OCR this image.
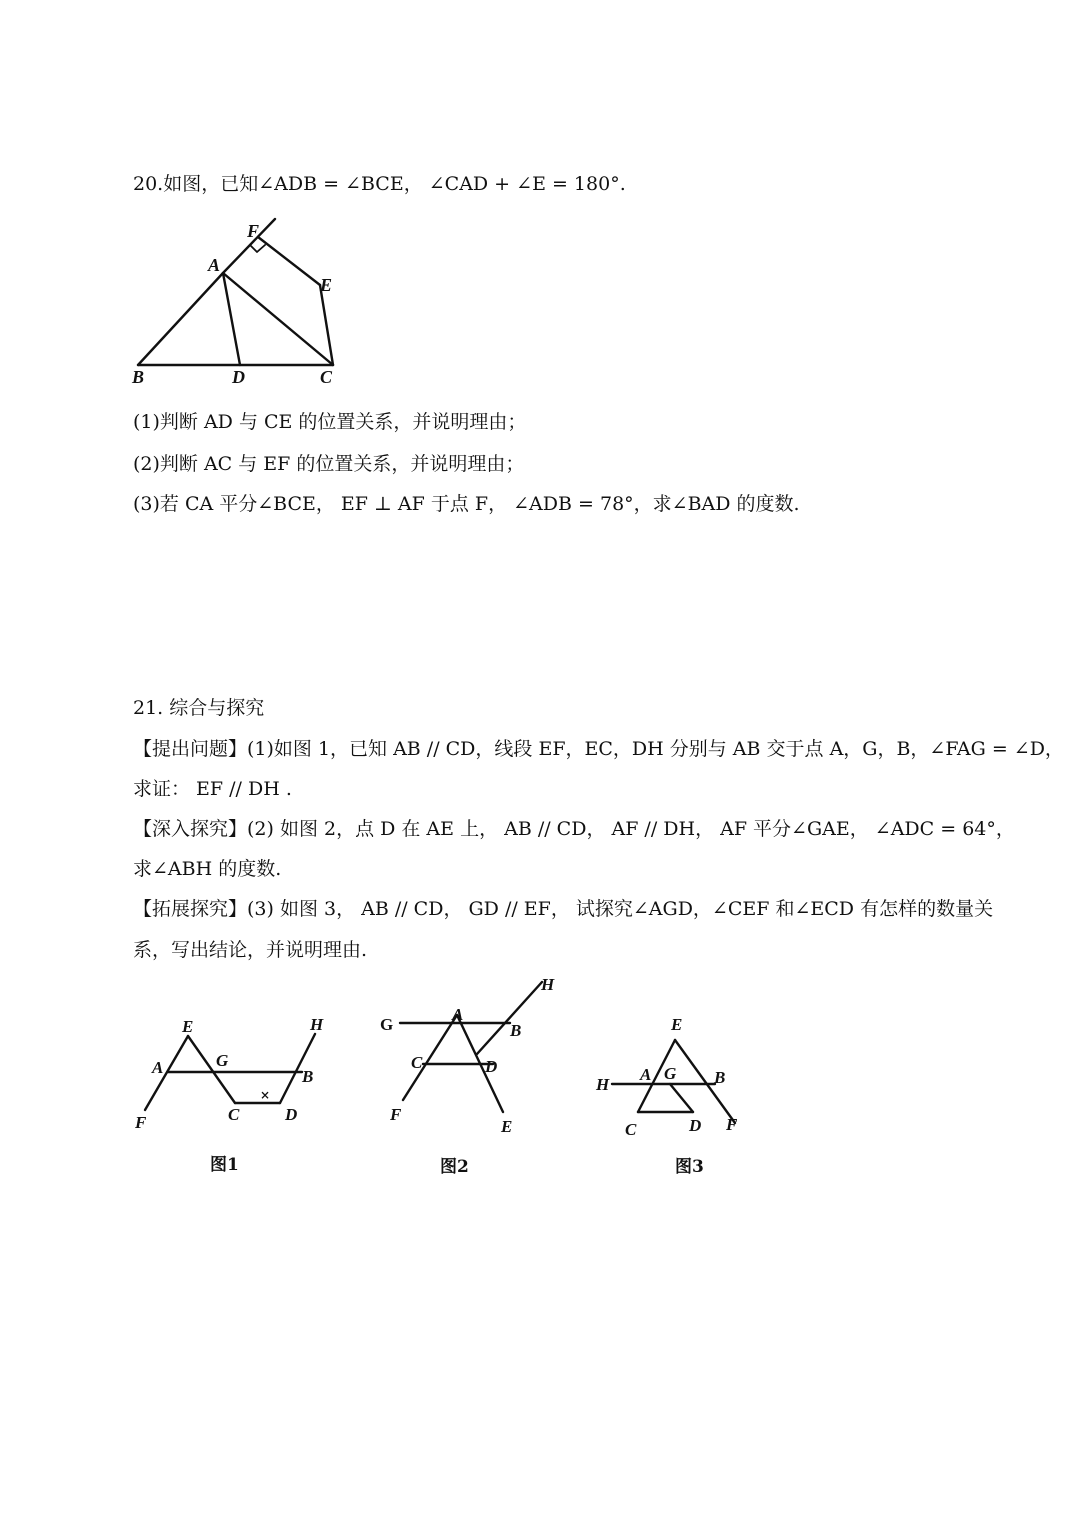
20.如图，已知∠ADB = ∠BCE， ∠CAD + ∠E = 180°.
F
A
E
B	D	C
(1)判断 AD 与 CE 的位置关系，并说明理由；
(2)判断 AC 与 EF 的位置关系，并说明理由；
(3)若 CA 平分∠BCE， EF ⊥ AF 于点 F， ∠ADB = 78°，求∠BAD 的度数.
21. 综合与探究
【提出问题】(1)如图 1，已知 AB // CD，线段 EF，EC，DH 分别与 AB 交于点 A，G，B，∠FAG = ∠D，
求证： EF // DH .
【深入探究】(2) 如图 2，点 D 在 AE 上， AB // CD， AF // DH， AF 平分∠GAE， ∠ADC = 64°，
求∠ABH 的度数.
【拓展探究】(3) 如图 3， AB // CD， GD // EF， 试探究∠AGD，∠CEF 和∠ECD 有怎样的数量关
系，写出结论，并说明理由.
E	H
A	G
B
F	C	D
×
图1
H
G
A
B
C	D
F
E
图2
E
H
A G B
C	D F
图3
